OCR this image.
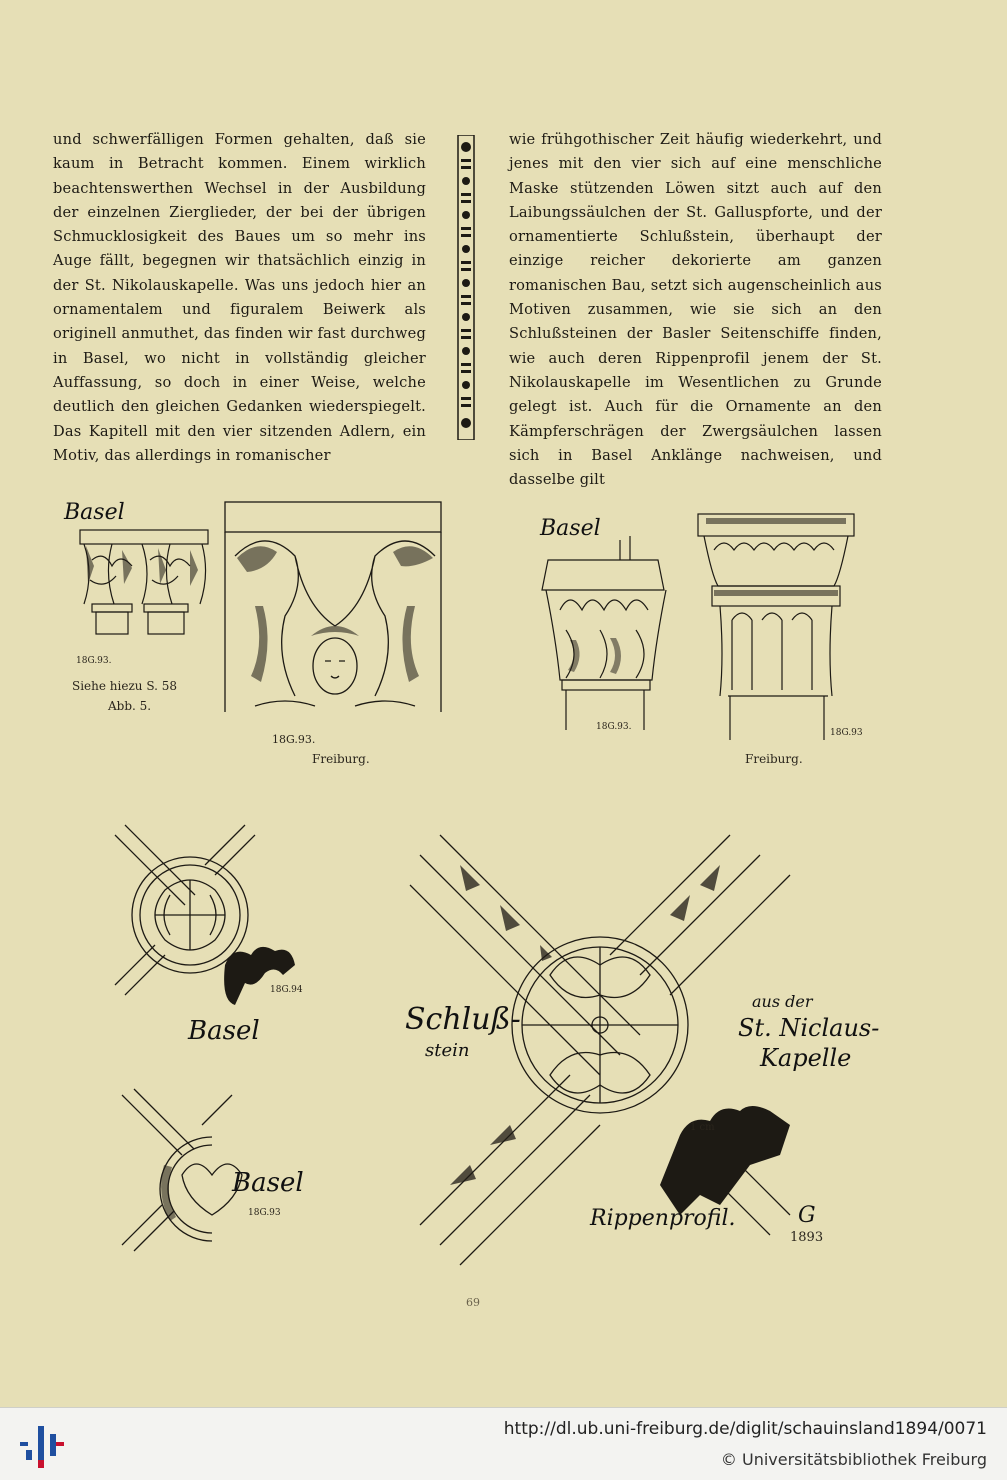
und schwerfälligen Formen gehalten, daß sie kaum in Betracht kommen. Einem wirklich beachtenswerthen Wechsel in der Ausbildung der einzelnen Zierglieder, der bei der übrigen Schmucklosigkeit des Baues um so mehr ins Auge fällt, begegnen wir thatsächlich einzig in der St. Nikolauskapelle. Was uns jedoch hier an ornamentalem und figuralem Beiwerk als originell anmuthet, das finden wir fast durchweg in Basel, wo nicht in vollständig gleicher Auffassung, so doch in einer Weise, welche deutlich den gleichen Gedanken wiederspiegelt. Das Kapitell mit den vier sitzenden Adlern, ein Motiv, das allerdings in romanischer

wie frühgothischer Zeit häufig wiederkehrt, und jenes mit den vier sich auf eine menschliche Maske stützenden Löwen sitzt auch auf den Laibungssäulchen der St. Galluspforte, und der ornamentierte Schlußstein, überhaupt der einzige reicher dekorierte am ganzen romanischen Bau, setzt sich augenscheinlich aus Motiven zusammen, wie sie sich an den Schlußsteinen der Basler Seitenschiffe finden, wie auch deren Rippenprofil jenem der St. Nikolauskapelle im Wesentlichen zu Grunde gelegt ist. Auch für die Ornamente an den Kämpferschrägen der Zwergsäulchen lassen sich in Basel Anklänge nachweisen, und dasselbe gilt

Basel
18G.93.
Siehe hiezu S. 58
Abb. 5.
18G.93.
Freiburg.
Basel
18G.93.
18G.93
Freiburg.
18G.94
Basel
Basel
18G.93
Schluß-
stein
aus der
St. Niclaus-
Kapelle
1 cm
Rippenprofil.	G
1893
69
http://dl.ub.uni-freiburg.de/diglit/schauinsland1894/0071
© Universitätsbibliothek Freiburg
